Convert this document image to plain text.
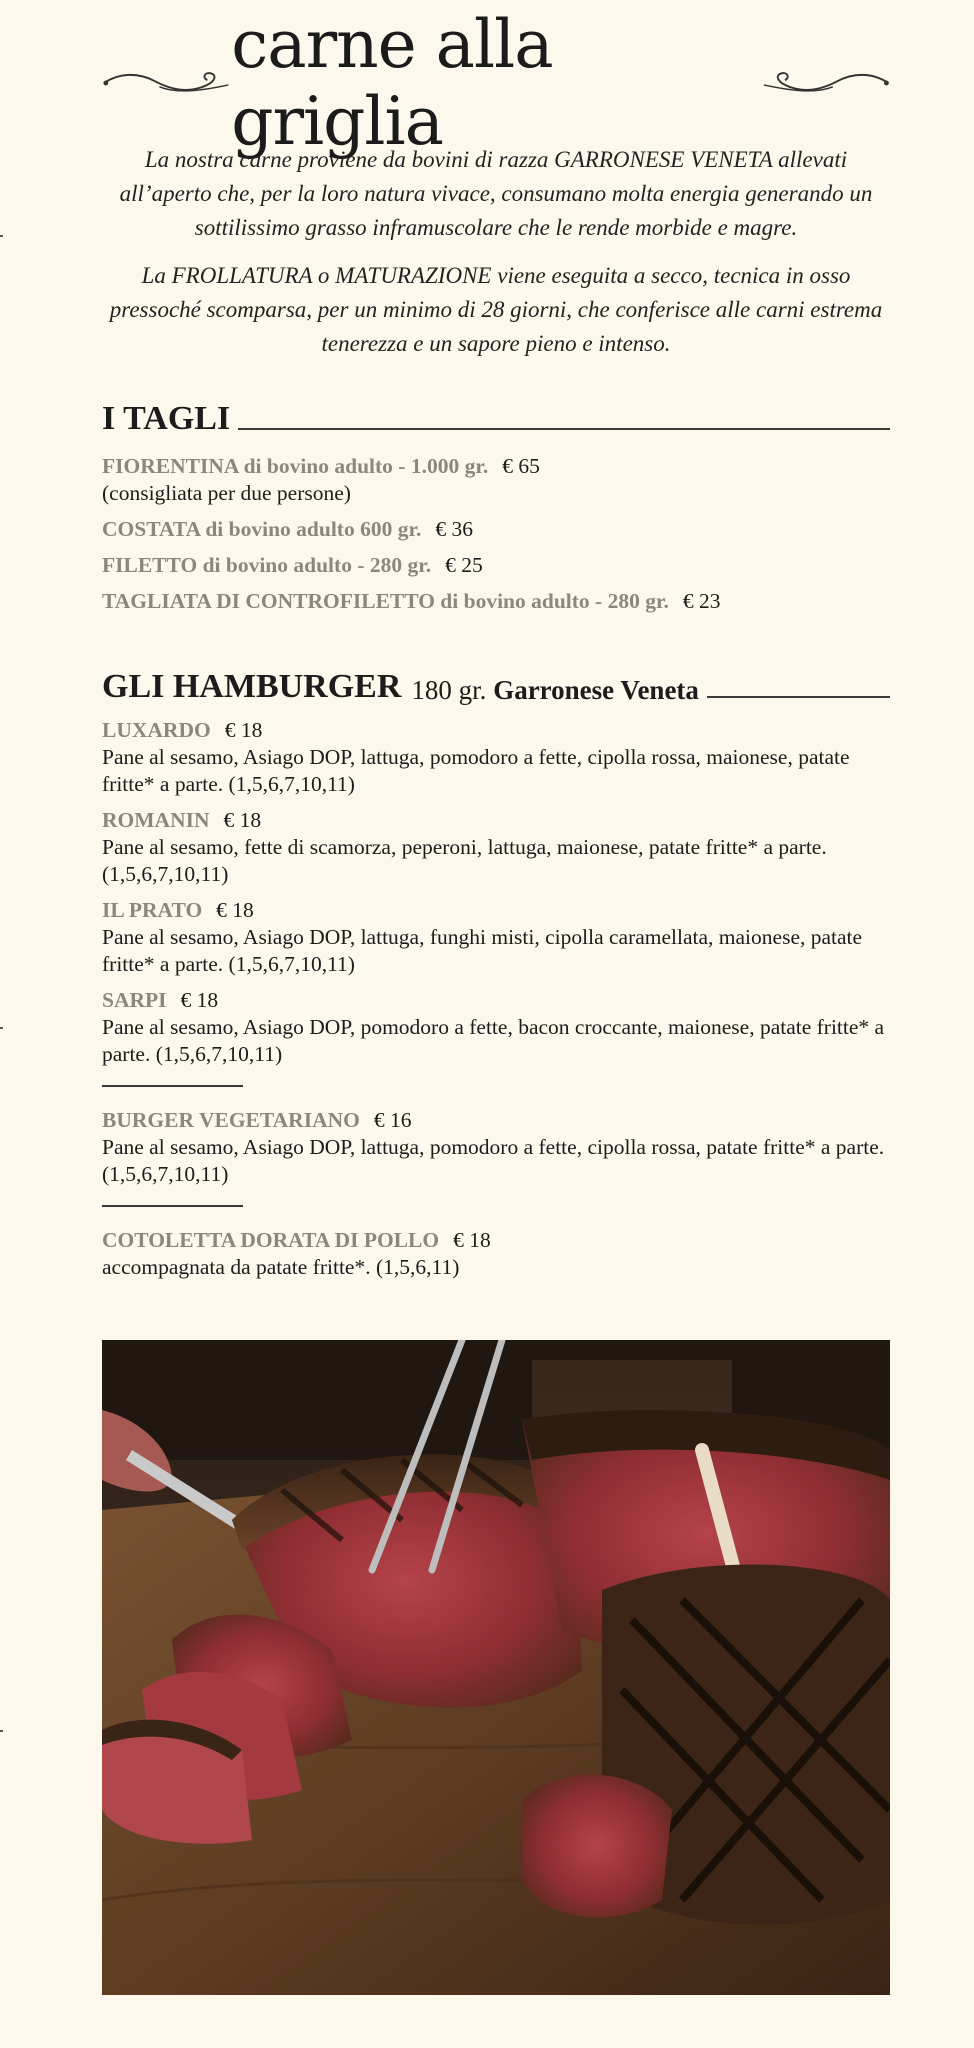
carne alla griglia

La nostra carne proviene da bovini di razza GARRONESE VENETA allevati all’aperto che, per la loro natura vivace, consumano molta energia generando un sottilissimo grasso inframuscolare che le rende morbide e magre.

La FROLLATURA o MATURAZIONE viene eseguita a secco, tecnica in osso pressoché scomparsa, per un minimo di 28 giorni, che conferisce alle carni estrema tenerezza e un sapore pieno e intenso.

I TAGLI

FIORENTINA di bovino adulto - 1.000 gr. € 65

(consigliata per due persone)

COSTATA di bovino adulto 600 gr. € 36

FILETTO di bovino adulto - 280 gr. € 25

TAGLIATA DI CONTROFILETTO di bovino adulto - 280 gr. € 23

GLI HAMBURGER 180 gr. Garronese Veneta

LUXARDO € 18

Pane al sesamo, Asiago DOP, lattuga, pomodoro a fette, cipolla rossa, maionese, patate fritte* a parte. (1,5,6,7,10,11)

ROMANIN € 18

Pane al sesamo, fette di scamorza, peperoni, lattuga, maionese, patate fritte* a parte. (1,5,6,7,10,11)

IL PRATO € 18

Pane al sesamo, Asiago DOP, lattuga, funghi misti, cipolla caramellata, maionese, patate fritte* a parte. (1,5,6,7,10,11)

SARPI € 18

Pane al sesamo, Asiago DOP, pomodoro a fette, bacon croccante, maionese, patate fritte* a parte. (1,5,6,7,10,11)

BURGER VEGETARIANO € 16

Pane al sesamo, Asiago DOP, lattuga, pomodoro a fette, cipolla rossa, patate fritte* a parte. (1,5,6,7,10,11)

COTOLETTA DORATA DI POLLO € 18

accompagnata da patate fritte*. (1,5,6,11)
